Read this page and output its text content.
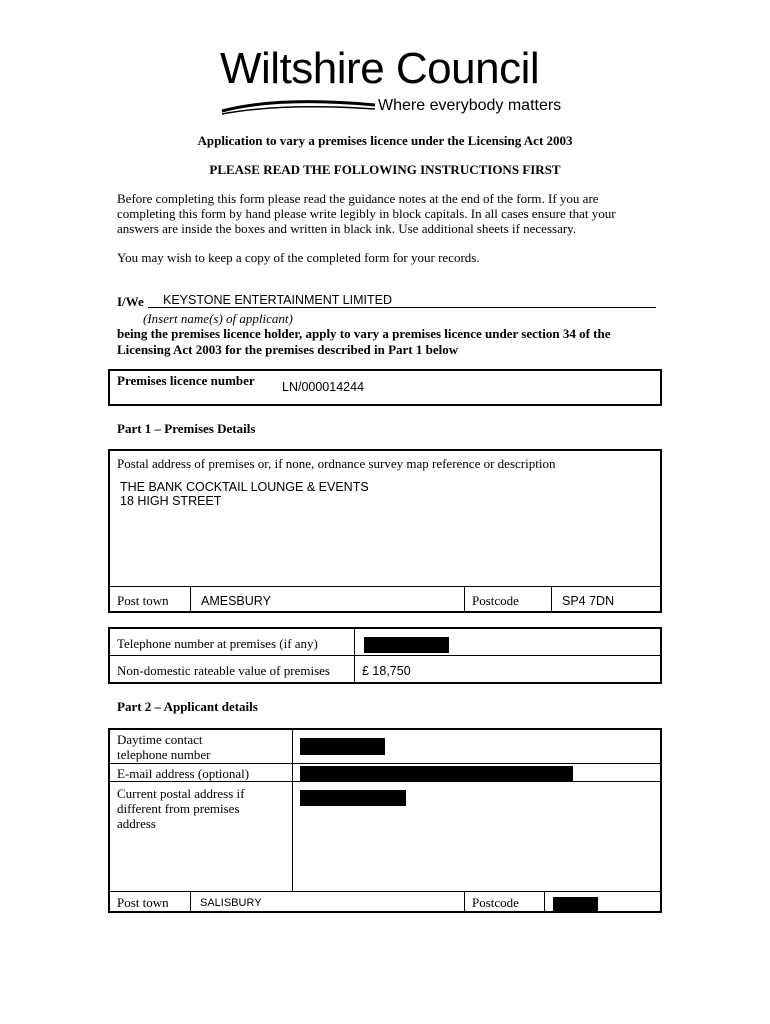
Wiltshire Council
Where everybody matters
Application to vary a premises licence under the Licensing Act 2003
PLEASE READ THE FOLLOWING INSTRUCTIONS FIRST
Before completing this form please read the guidance notes at the end of the form. If you are
completing this form by hand please write legibly in block capitals. In all cases ensure that your
answers are inside the boxes and written in black ink. Use additional sheets if necessary.
You may wish to keep a copy of the completed form for your records.
I/We KEYSTONE ENTERTAINMENT LIMITED
(Insert name(s) of applicant)
being the premises licence holder, apply to vary a premises licence under section 34 of the
Licensing Act 2003 for the premises described in Part 1 below
Premises licence number LN/000014244
Part 1 – Premises Details
Postal address of premises or, if none, ordnance survey map reference or description
THE BANK COCKTAIL LOUNGE & EVENTS
18 HIGH STREET
Post town	AMESBURY	Postcode	SP4 7DN
Telephone number at premises (if any)
Non-domestic rateable value of premises	£ 18,750
Part 2 – Applicant details
Daytime contact
telephone number
E-mail address (optional)
Current postal address if
different from premises
address
Post town	SALISBURY	Postcode
